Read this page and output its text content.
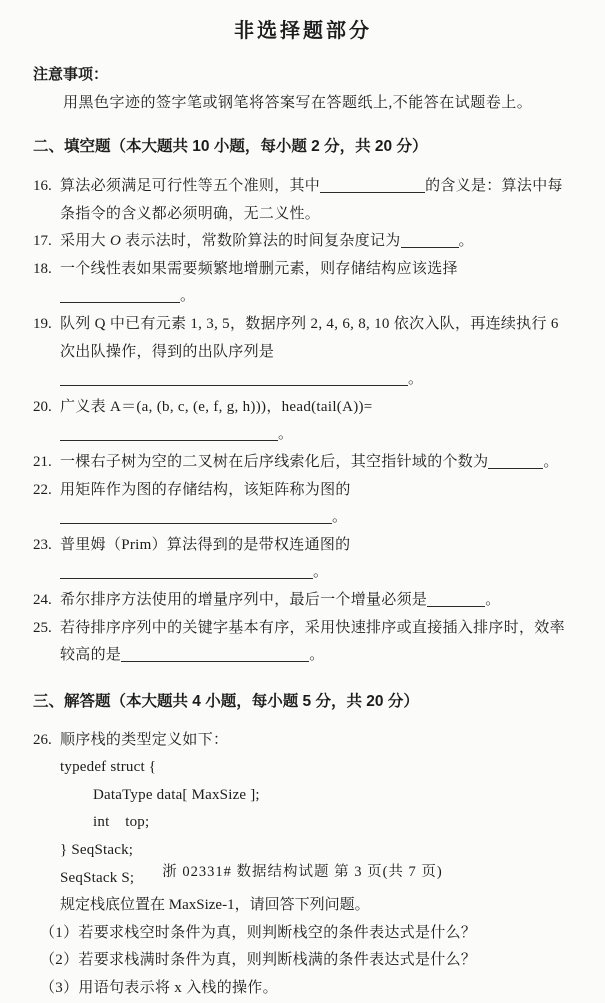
非选择题部分
注意事项：
用黑色字迹的签字笔或钢笔将答案写在答题纸上,不能答在试题卷上。
二、填空题（本大题共 10 小题，每小题 2 分，共 20 分）
16. 算法必须满足可行性等五个准则，其中	的含义是：算法中每条指令的含义都必须明确，无二义性。
17. 采用大 O 表示法时，常数阶算法的时间复杂度记为	。
18. 一个线性表如果需要频繁地增删元素，则存储结构应该选择。
19. 队列 Q 中已有元素 1, 3, 5，数据序列 2, 4, 6, 8, 10 依次入队，再连续执行 6 次出队操作，得到的出队序列是。
20. 广义表 A＝(a, (b, c, (e, f, g, h)))，head(tail(A))=。
21. 一棵右子树为空的二叉树在后序线索化后，其空指针域的个数为	。
22. 用矩阵作为图的存储结构，该矩阵称为图的。
23. 普里姆（Prim）算法得到的是带权连通图的。
24. 希尔排序方法使用的增量序列中，最后一个增量必须是	。
25. 若待排序序列中的关键字基本有序，采用快速排序或直接插入排序时，效率较高的是	。
三、解答题（本大题共 4 小题，每小题 5 分，共 20 分）
26. 顺序栈的类型定义如下：
typedef struct {
DataType data[ MaxSize ];
int    top;
} SeqStack;
SeqStack S;
规定栈底位置在 MaxSize-1，请回答下列问题。
（1）若要求栈空时条件为真，则判断栈空的条件表达式是什么？
（2）若要求栈满时条件为真，则判断栈满的条件表达式是什么？
（3）用语句表示将 x 入栈的操作。
浙 02331# 数据结构试题 第 3 页(共 7 页)
